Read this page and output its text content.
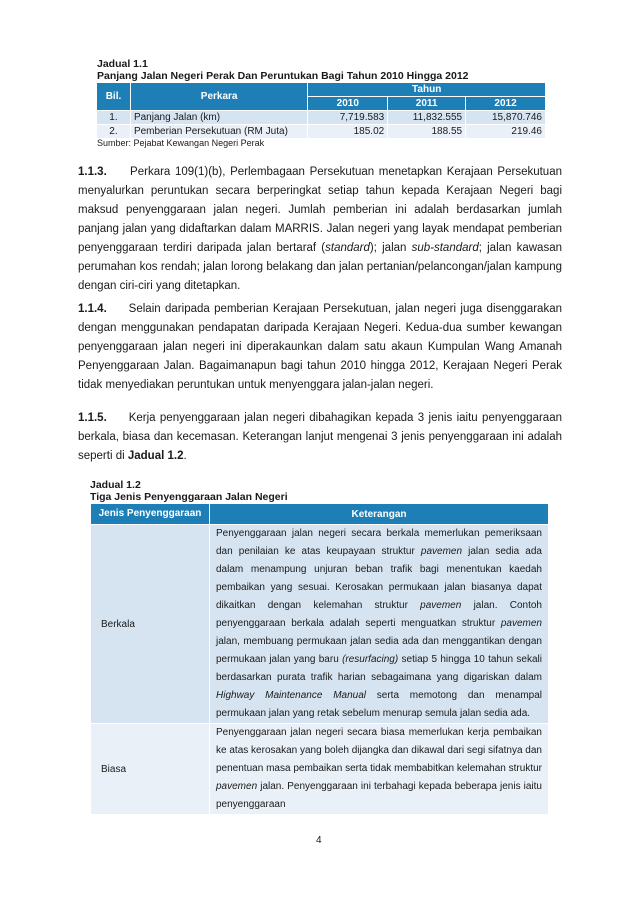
Jadual 1.1
Panjang Jalan Negeri Perak Dan Peruntukan Bagi Tahun 2010 Hingga 2012
Bil.	Perkara	Tahun		
		2010	2011	2012
1.	Panjang Jalan (km)	7,719.583	11,832.555	15,870.746
2.	Pemberian Persekutuan (RM Juta)	185.02	188.55	219.46
Sumber: Pejabat Kewangan Negeri Perak

1.1.3. Perkara 109(1)(b), Perlembagaan Persekutuan menetapkan Kerajaan Persekutuan menyalurkan peruntukan secara berperingkat setiap tahun kepada Kerajaan Negeri bagi maksud penyenggaraan jalan negeri. Jumlah pemberian ini adalah berdasarkan jumlah panjang jalan yang didaftarkan dalam MARRIS. Jalan negeri yang layak mendapat pemberian penyenggaraan terdiri daripada jalan bertaraf (standard); jalan sub-standard; jalan kawasan perumahan kos rendah; jalan lorong belakang dan jalan pertanian/pelancongan/jalan kampung dengan ciri-ciri yang ditetapkan.

1.1.4. Selain daripada pemberian Kerajaan Persekutuan, jalan negeri juga disenggarakan dengan menggunakan pendapatan daripada Kerajaan Negeri. Kedua-dua sumber kewangan penyenggaraan jalan negeri ini diperakaunkan dalam satu akaun Kumpulan Wang Amanah Penyenggaraan Jalan. Bagaimanapun bagi tahun 2010 hingga 2012, Kerajaan Negeri Perak tidak menyediakan peruntukan untuk menyenggara jalan-jalan negeri.

1.1.5. Kerja penyenggaraan jalan negeri dibahagikan kepada 3 jenis iaitu penyenggaraan berkala, biasa dan kecemasan. Keterangan lanjut mengenai 3 jenis penyenggaraan ini adalah seperti di Jadual 1.2.

Jadual 1.2
Tiga Jenis Penyenggaraan Jalan Negeri
Jenis Penyenggaraan	Keterangan
Berkala	Penyenggaraan jalan negeri secara berkala memerlukan pemeriksaan dan penilaian ke atas keupayaan struktur pavemen jalan sedia ada dalam menampung unjuran beban trafik bagi menentukan kaedah pembaikan yang sesuai. Kerosakan permukaan jalan biasanya dapat dikaitkan dengan kelemahan struktur pavemen jalan. Contoh penyenggaraan berkala adalah seperti menguatkan struktur pavemen jalan, membuang permukaan jalan sedia ada dan menggantikan dengan permukaan jalan yang baru (resurfacing) setiap 5 hingga 10 tahun sekali berdasarkan purata trafik harian sebagaimana yang digariskan dalam Highway Maintenance Manual serta memotong dan menampal permukaan jalan yang retak sebelum menurap semula jalan sedia ada.
Biasa	Penyenggaraan jalan negeri secara biasa memerlukan kerja pembaikan ke atas kerosakan yang boleh dijangka dan dikawal dari segi sifatnya dan penentuan masa pembaikan serta tidak membabitkan kelemahan struktur pavemen jalan. Penyenggaraan ini terbahagi kepada beberapa jenis iaitu penyenggaraan
4
